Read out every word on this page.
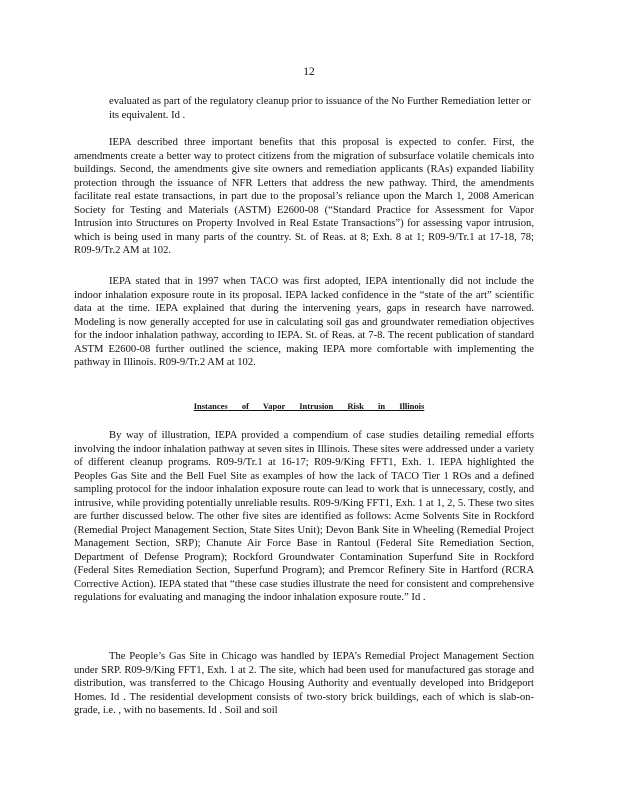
12

evaluated as part of the regulatory cleanup prior to issuance of the No Further Remediation letter or its equivalent. Id .

IEPA described three important benefits that this proposal is expected to confer. First, the amendments create a better way to protect citizens from the migration of subsurface volatile chemicals into buildings. Second, the amendments give site owners and remediation applicants (RAs) expanded liability protection through the issuance of NFR Letters that address the new pathway. Third, the amendments facilitate real estate transactions, in part due to the proposal’s reliance upon the March 1, 2008 American Society for Testing and Materials (ASTM) E2600-08 (“Standard Practice for Assessment for Vapor Intrusion into Structures on Property Involved in Real Estate Transactions”) for assessing vapor intrusion, which is being used in many parts of the country. St. of Reas. at 8; Exh. 8 at 1; R09-9/Tr.1 at 17-18, 78; R09-9/Tr.2 AM at 102.

IEPA stated that in 1997 when TACO was first adopted, IEPA intentionally did not include the indoor inhalation exposure route in its proposal. IEPA lacked confidence in the “state of the art” scientific data at the time. IEPA explained that during the intervening years, gaps in research have narrowed. Modeling is now generally accepted for use in calculating soil gas and groundwater remediation objectives for the indoor inhalation pathway, according to IEPA. St. of Reas. at 7-8. The recent publication of standard ASTM E2600-08 further outlined the science, making IEPA more comfortable with implementing the pathway in Illinois. R09-9/Tr.2 AM at 102.

Instances of Vapor Intrusion Risk in Illinois

By way of illustration, IEPA provided a compendium of case studies detailing remedial efforts involving the indoor inhalation pathway at seven sites in Illinois. These sites were addressed under a variety of different cleanup programs. R09-9/Tr.1 at 16-17; R09-9/King FFT1, Exh. 1. IEPA highlighted the Peoples Gas Site and the Bell Fuel Site as examples of how the lack of TACO Tier 1 ROs and a defined sampling protocol for the indoor inhalation exposure route can lead to work that is unnecessary, costly, and intrusive, while providing potentially unreliable results. R09-9/King FFT1, Exh. 1 at 1, 2, 5. These two sites are further discussed below. The other five sites are identified as follows: Acme Solvents Site in Rockford (Remedial Project Management Section, State Sites Unit); Devon Bank Site in Wheeling (Remedial Project Management Section, SRP); Chanute Air Force Base in Rantoul (Federal Site Remediation Section, Department of Defense Program); Rockford Groundwater Contamination Superfund Site in Rockford (Federal Sites Remediation Section, Superfund Program); and Premcor Refinery Site in Hartford (RCRA Corrective Action). IEPA stated that “these case studies illustrate the need for consistent and comprehensive regulations for evaluating and managing the indoor inhalation exposure route.” Id .

The People’s Gas Site in Chicago was handled by IEPA’s Remedial Project Management Section under SRP. R09-9/King FFT1, Exh. 1 at 2. The site, which had been used for manufactured gas storage and distribution, was transferred to the Chicago Housing Authority and eventually developed into Bridgeport Homes. Id . The residential development consists of two-story brick buildings, each of which is slab-on-grade, i.e. , with no basements. Id . Soil and soil
